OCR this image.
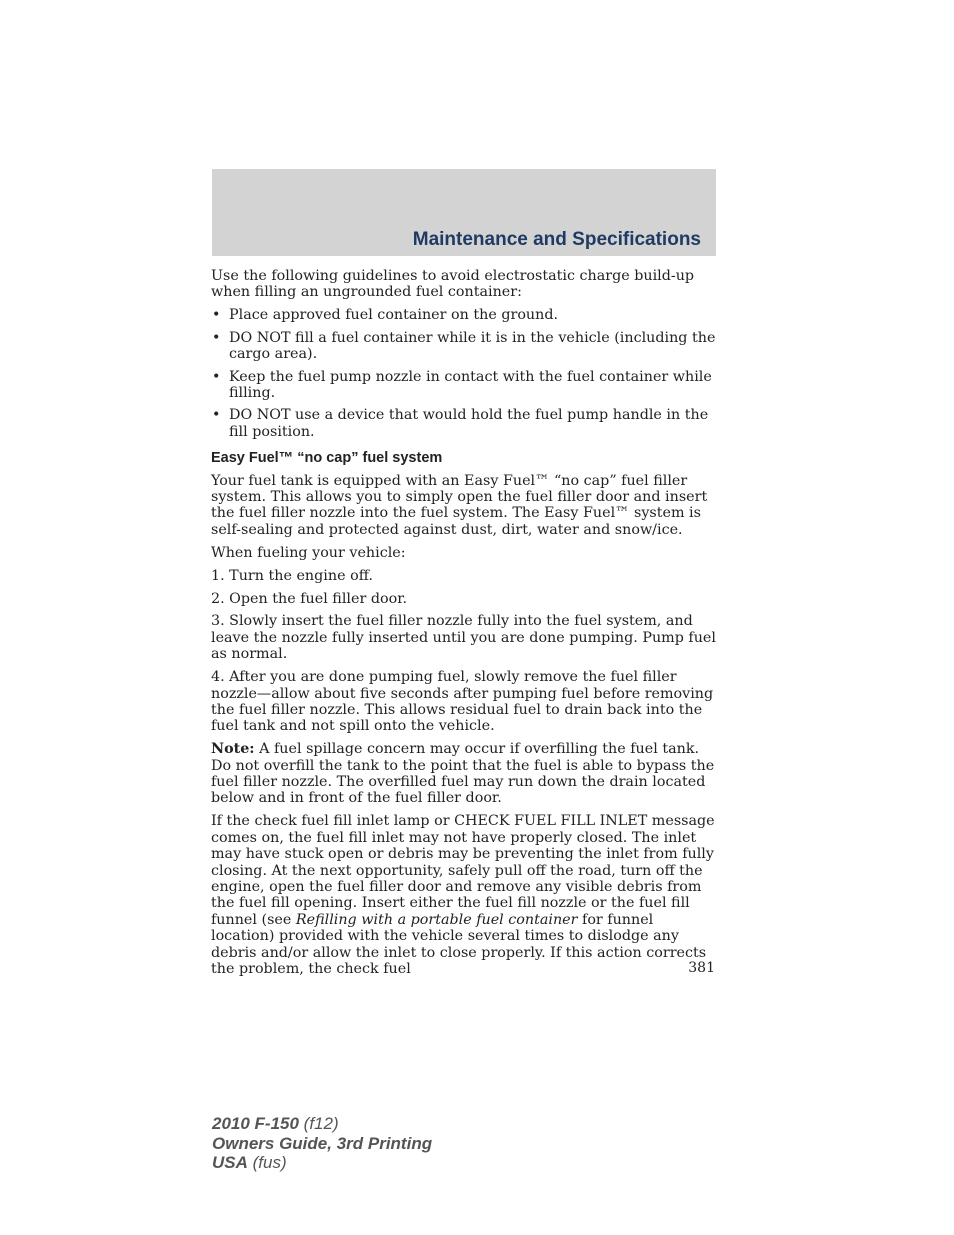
Maintenance and Specifications

Use the following guidelines to avoid electrostatic charge build-up when filling an ungrounded fuel container:

• Place approved fuel container on the ground.
• DO NOT fill a fuel container while it is in the vehicle (including the cargo area).
• Keep the fuel pump nozzle in contact with the fuel container while filling.
• DO NOT use a device that would hold the fuel pump handle in the fill position.
Easy Fuel™ “no cap” fuel system

Your fuel tank is equipped with an Easy Fuel™ “no cap” fuel filler system. This allows you to simply open the fuel filler door and insert the fuel filler nozzle into the fuel system. The Easy Fuel™ system is self-sealing and protected against dust, dirt, water and snow/ice.

When fueling your vehicle:

1. Turn the engine off.

2. Open the fuel filler door.

3. Slowly insert the fuel filler nozzle fully into the fuel system, and leave the nozzle fully inserted until you are done pumping. Pump fuel as normal.

4. After you are done pumping fuel, slowly remove the fuel filler nozzle—allow about five seconds after pumping fuel before removing the fuel filler nozzle. This allows residual fuel to drain back into the fuel tank and not spill onto the vehicle.

Note: A fuel spillage concern may occur if overfilling the fuel tank. Do not overfill the tank to the point that the fuel is able to bypass the fuel filler nozzle. The overfilled fuel may run down the drain located below and in front of the fuel filler door.

If the check fuel fill inlet lamp or CHECK FUEL FILL INLET message comes on, the fuel fill inlet may not have properly closed. The inlet may have stuck open or debris may be preventing the inlet from fully closing. At the next opportunity, safely pull off the road, turn off the engine, open the fuel filler door and remove any visible debris from the fuel fill opening. Insert either the fuel fill nozzle or the fuel fill funnel (see Refilling with a portable fuel container for funnel location) provided with the vehicle several times to dislodge any debris and/or allow the inlet to close properly. If this action corrects the problem, the check fuel	381
2010 F-150 (f12)
Owners Guide, 3rd Printing
USA (fus)
